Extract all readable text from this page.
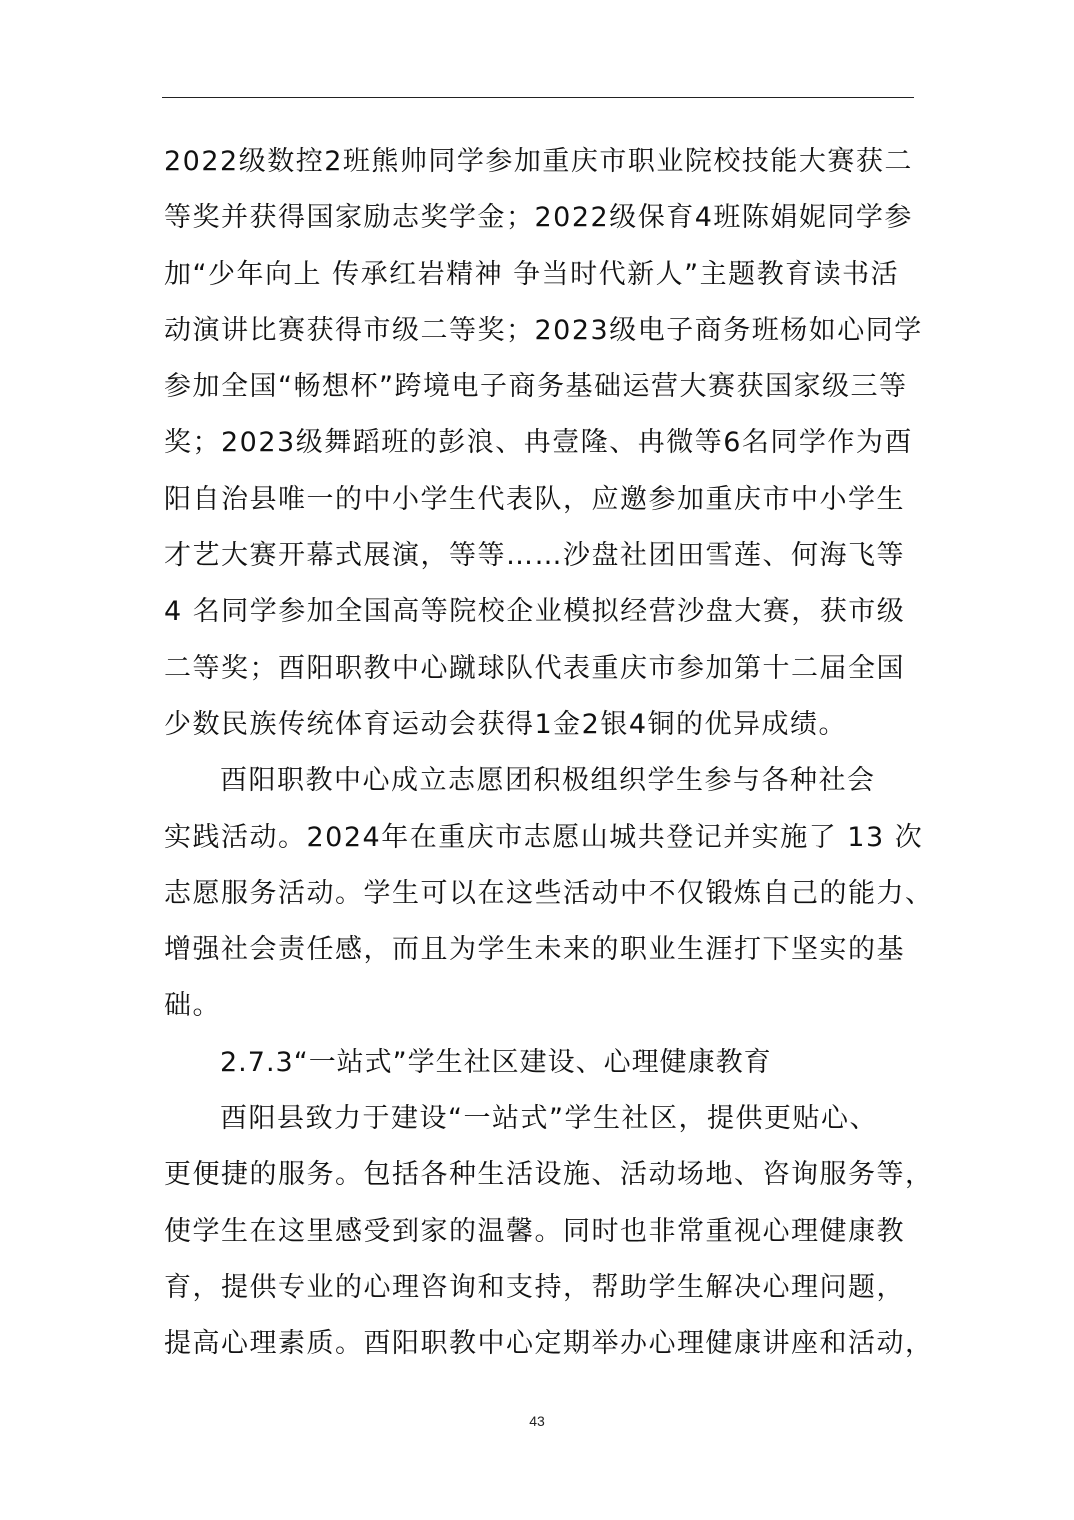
2022级数控2班熊帅同学参加重庆市职业院校技能大赛获二
等奖并获得国家励志奖学金；2022级保育4班陈娟妮同学参
加“少年向上 传承红岩精神 争当时代新人”主题教育读书活
动演讲比赛获得市级二等奖；2023级电子商务班杨如心同学
参加全国“畅想杯”跨境电子商务基础运营大赛获国家级三等
奖；2023级舞蹈班的彭浪、冉壹隆、冉微等6名同学作为酉
阳自治县唯一的中小学生代表队，应邀参加重庆市中小学生
才艺大赛开幕式展演，等等……沙盘社团田雪莲、何海飞等
4 名同学参加全国高等院校企业模拟经营沙盘大赛，获市级
二等奖；酉阳职教中心蹴球队代表重庆市参加第十二届全国
少数民族传统体育运动会获得1金2银4铜的优异成绩。
酉阳职教中心成立志愿团积极组织学生参与各种社会
实践活动。2024年在重庆市志愿山城共登记并实施了 13 次
志愿服务活动。学生可以在这些活动中不仅锻炼自己的能力、
增强社会责任感，而且为学生未来的职业生涯打下坚实的基
础。
2.7.3“一站式”学生社区建设、心理健康教育
酉阳县致力于建设“一站式”学生社区，提供更贴心、
更便捷的服务。包括各种生活设施、活动场地、咨询服务等，
使学生在这里感受到家的温馨。同时也非常重视心理健康教
育，提供专业的心理咨询和支持，帮助学生解决心理问题，
提高心理素质。酉阳职教中心定期举办心理健康讲座和活动，
43
